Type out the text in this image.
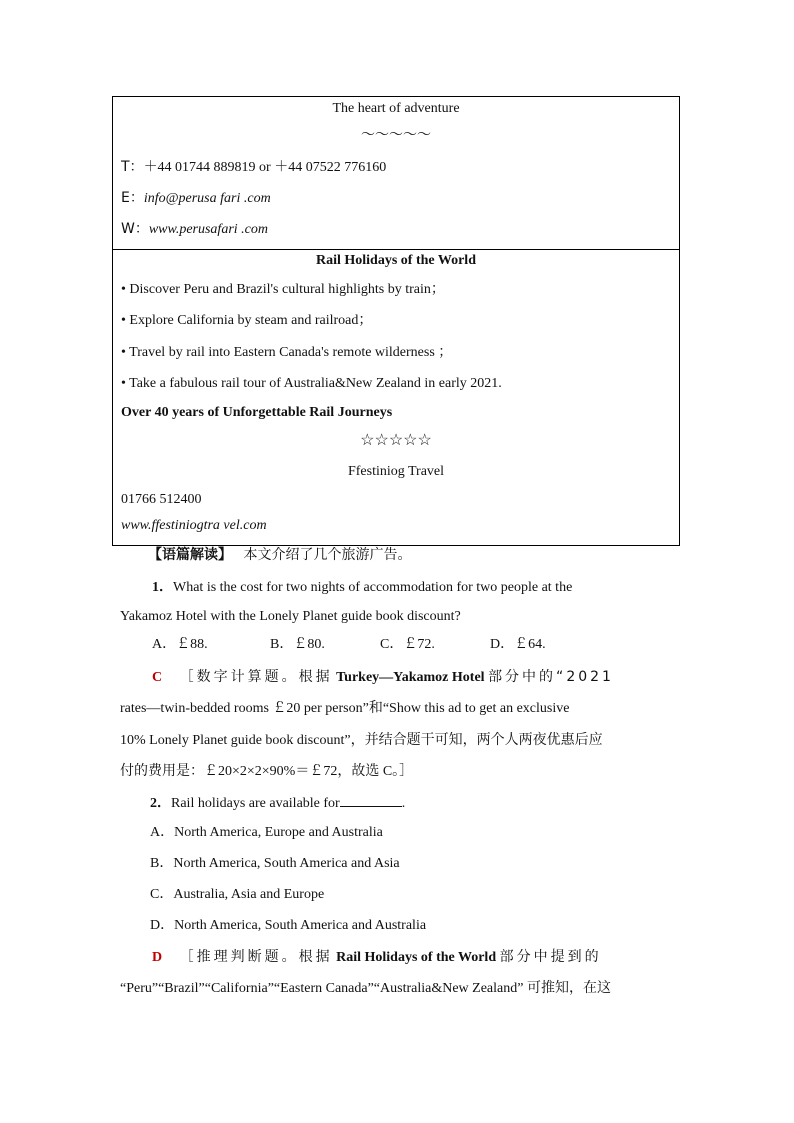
The heart of adventure
～～～～～
T：＋44 01744 889819 or ＋44 07522 776160
E：info@perusa fari .com
W：www.perusafari .com
Rail Holidays of the World
• Discover Peru and Brazil's cultural highlights by train；
• Explore California by steam and railroad；
• Travel by rail into Eastern Canada's remote wilderness ；
• Take a fabulous rail tour of Australia&New Zealand in early 2021.
Over 40 years of Unforgettable Rail Journeys
☆☆☆☆☆
Ffestiniog Travel
01766 512400
www.ffestiniogtra vel.com
【语篇解读】 本文介绍了几个旅游广告。
1．What is the cost for two nights of accommodation for two people at the
Yakamoz Hotel with the Lonely Planet guide book discount?
A．￡88.	B．￡80.	C．￡72.	D．￡64.
C ［数字计算题。根据 Turkey—Yakamoz Hotel 部分中的“2021
rates—twin-bedded rooms ￡20 per person”和“Show this ad to get an exclusive
10% Lonely Planet guide book discount”，并结合题干可知，两个人两夜优惠后应
付的费用是：￡20×2×2×90%＝￡72，故选 C。］
2．Rail holidays are available for	.
A．North America, Europe and Australia
B．North America, South America and Asia
C．Australia, Asia and Europe
D．North America, South America and Australia
D ［推理判断题。根据 Rail Holidays of the World 部分中提到的
“Peru”“Brazil”“California”“Eastern Canada”“Australia&New Zealand” 可推知，在这
